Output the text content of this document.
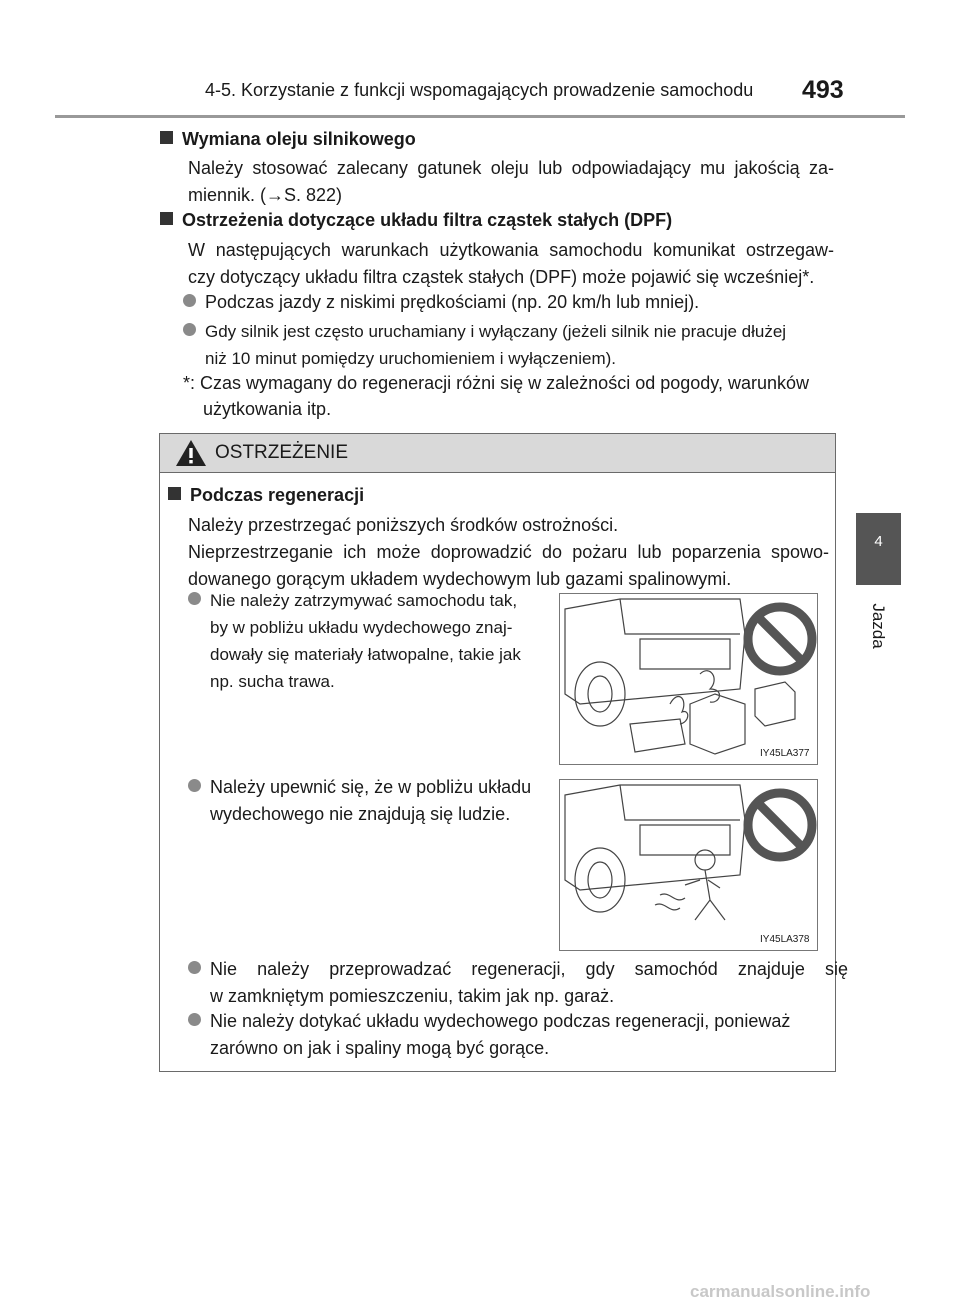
4-5. Korzystanie z funkcji wspomagających prowadzenie samochodu 493
4
Jazda
Wymiana oleju silnikowego
Należy stosować zalecany gatunek oleju lub odpowiadający mu jakością za-
miennik. (→S. 822)
Ostrzeżenia dotyczące układu filtra cząstek stałych (DPF)
W następujących warunkach użytkowania samochodu komunikat ostrzegaw-
czy dotyczący układu filtra cząstek stałych (DPF) może pojawić się wcześniej*.
Podczas jazdy z niskimi prędkościami (np. 20 km/h lub mniej).
Gdy silnik jest często uruchamiany i wyłączany (jeżeli silnik nie pracuje dłużej
niż 10 minut pomiędzy uruchomieniem i wyłączeniem).
*: Czas wymagany do regeneracji różni się w zależności od pogody, warunków
użytkowania itp.
OSTRZEŻENIE
Podczas regeneracji
Należy przestrzegać poniższych środków ostrożności.
Nieprzestrzeganie ich może doprowadzić do pożaru lub poparzenia spowo-
dowanego gorącym układem wydechowym lub gazami spalinowymi.
Nie należy zatrzymywać samochodu tak,
by w pobliżu układu wydechowego znaj-
dowały się materiały łatwopalne, takie jak
np. sucha trawa.
IY45LA377
Należy upewnić się, że w pobliżu układu
wydechowego nie znajdują się ludzie.
IY45LA378
Nie należy przeprowadzać regeneracji, gdy samochód znajduje się
w zamkniętym pomieszczeniu, takim jak np. garaż.
Nie należy dotykać układu wydechowego podczas regeneracji, ponieważ
zarówno on jak i spaliny mogą być gorące.
carmanualsonline.info
